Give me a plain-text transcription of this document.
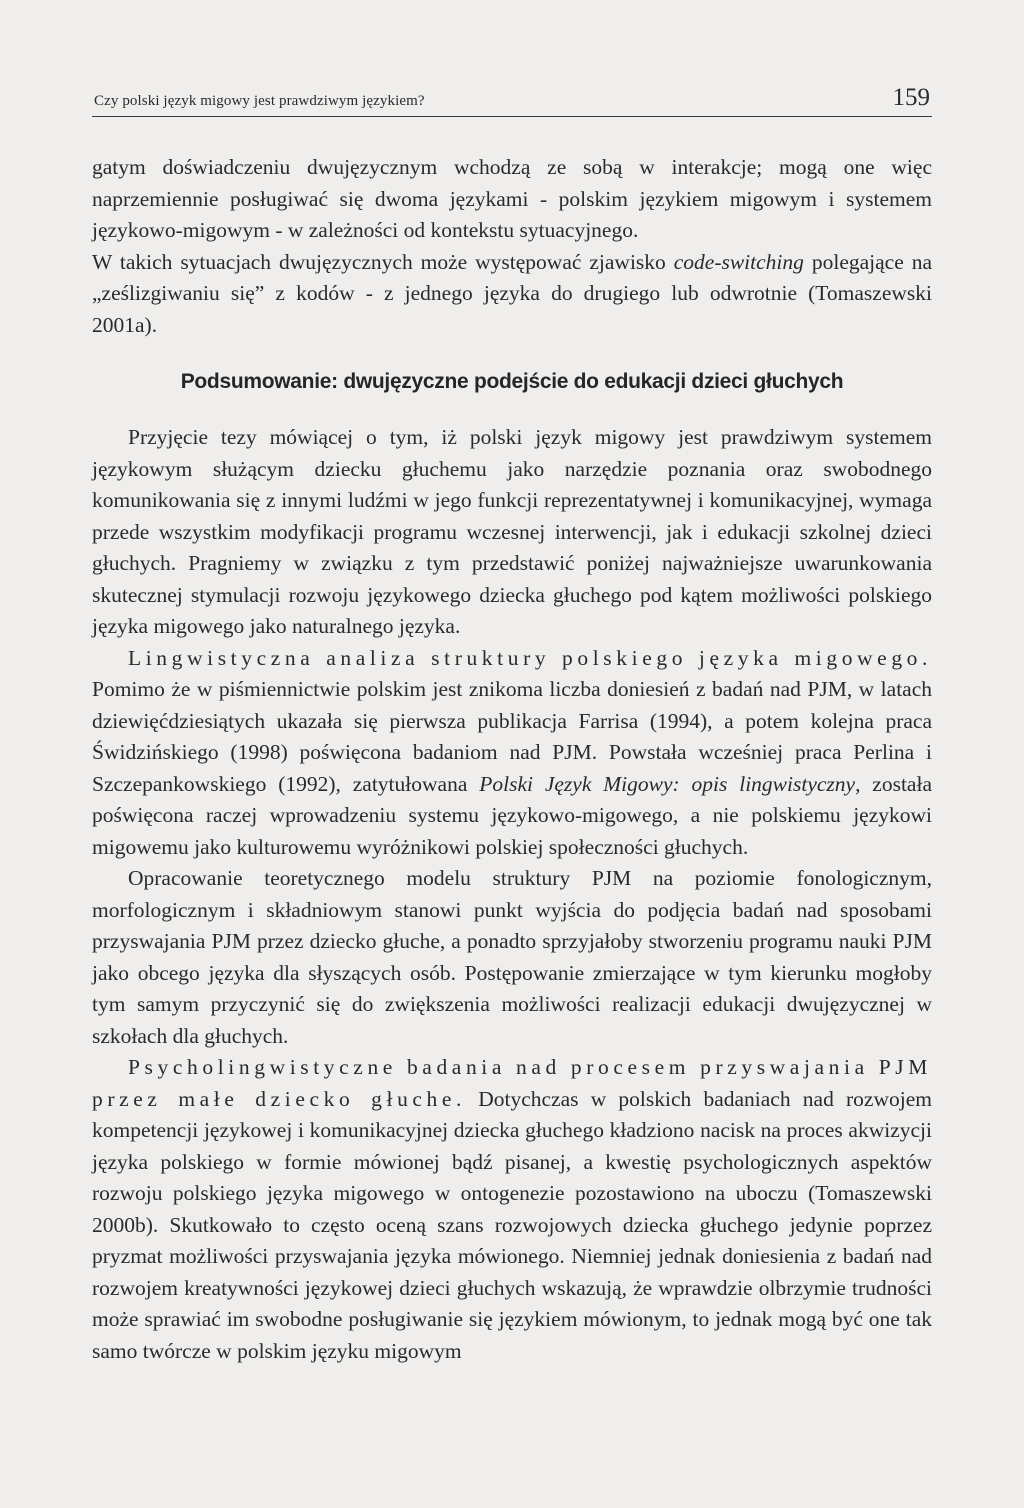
Czy polski język migowy jest prawdziwym językiem?	159

gatym doświadczeniu dwujęzycznym wchodzą ze sobą w interakcje; mogą one więc naprzemiennie posługiwać się dwoma językami - polskim językiem migowym i systemem językowo-migowym - w zależności od kontekstu sytuacyjnego.

W takich sytuacjach dwujęzycznych może występować zjawisko code-switching polegające na „ześlizgiwaniu się” z kodów - z jednego języka do drugiego lub odwrotnie (Tomaszewski 2001a).

Podsumowanie: dwujęzyczne podejście do edukacji dzieci głuchych

Przyjęcie tezy mówiącej o tym, iż polski język migowy jest prawdziwym systemem językowym służącym dziecku głuchemu jako narzędzie poznania oraz swobodnego komunikowania się z innymi ludźmi w jego funkcji reprezentatywnej i komunikacyjnej, wymaga przede wszystkim modyfikacji programu wczesnej interwencji, jak i edukacji szkolnej dzieci głuchych. Pragniemy w związku z tym przedstawić poniżej najważniejsze uwarunkowania skutecznej stymulacji rozwoju językowego dziecka głuchego pod kątem możliwości polskiego języka migowego jako naturalnego języka.

Lingwistyczna analiza struktury polskiego języka migowego. Pomimo że w piśmiennictwie polskim jest znikoma liczba doniesień z badań nad PJM, w latach dziewięćdziesiątych ukazała się pierwsza publikacja Farrisa (1994), a potem kolejna praca Świdzińskiego (1998) poświęcona badaniom nad PJM. Powstała wcześniej praca Perlina i Szczepankowskiego (1992), zatytułowana Polski Język Migowy: opis lingwistyczny, została poświęcona raczej wprowadzeniu systemu językowo-migowego, a nie polskiemu językowi migowemu jako kulturowemu wyróżnikowi polskiej społeczności głuchych.

Opracowanie teoretycznego modelu struktury PJM na poziomie fonologicznym, morfologicznym i składniowym stanowi punkt wyjścia do podjęcia badań nad sposobami przyswajania PJM przez dziecko głuche, a ponadto sprzyjałoby stworzeniu programu nauki PJM jako obcego języka dla słyszących osób. Postępowanie zmierzające w tym kierunku mogłoby tym samym przyczynić się do zwiększenia możliwości realizacji edukacji dwujęzycznej w szkołach dla głuchych.

Psycholingwistyczne badania nad procesem przyswajania PJM przez małe dziecko głuche. Dotychczas w polskich badaniach nad rozwojem kompetencji językowej i komunikacyjnej dziecka głuchego kładziono nacisk na proces akwizycji języka polskiego w formie mówionej bądź pisanej, a kwestię psychologicznych aspektów rozwoju polskiego języka migowego w ontogenezie pozostawiono na uboczu (Tomaszewski 2000b). Skutkowało to często oceną szans rozwojowych dziecka głuchego jedynie poprzez pryzmat możliwości przyswajania języka mówionego. Niemniej jednak doniesienia z badań nad rozwojem kreatywności językowej dzieci głuchych wskazują, że wprawdzie olbrzymie trudności może sprawiać im swobodne posługiwanie się językiem mówionym, to jednak mogą być one tak samo twórcze w polskim języku migowym
